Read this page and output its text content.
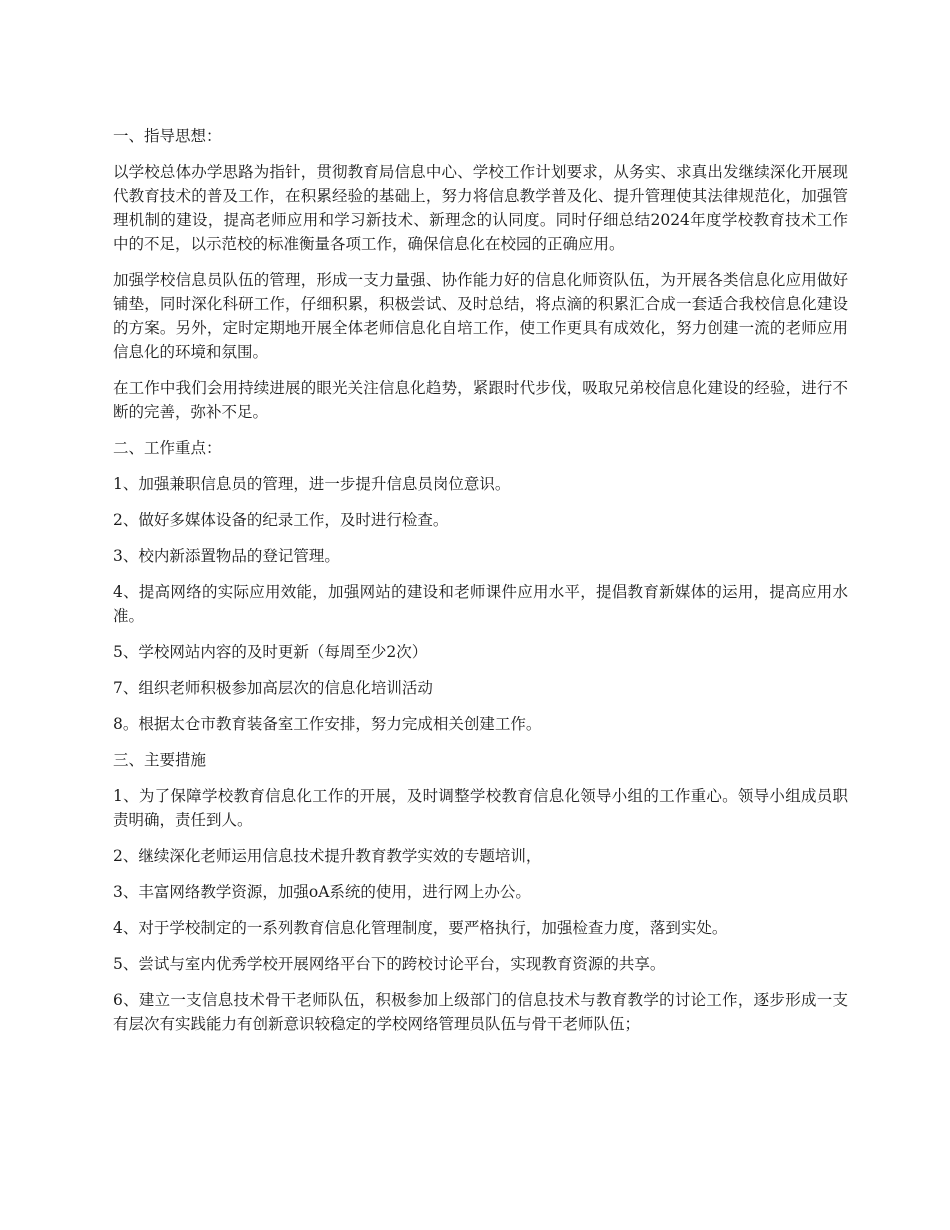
一、指导思想：

以学校总体办学思路为指针，贯彻教育局信息中心、学校工作计划要求，从务实、求真出发继续深化开展现代教育技术的普及工作，在积累经验的基础上，努力将信息教学普及化、提升管理使其法律规范化，加强管理机制的建设，提高老师应用和学习新技术、新理念的认同度。同时仔细总结2024年度学校教育技术工作中的不足，以示范校的标准衡量各项工作，确保信息化在校园的正确应用。

加强学校信息员队伍的管理，形成一支力量强、协作能力好的信息化师资队伍，为开展各类信息化应用做好铺垫，同时深化科研工作，仔细积累，积极尝试、及时总结，将点滴的积累汇合成一套适合我校信息化建设的方案。另外，定时定期地开展全体老师信息化自培工作，使工作更具有成效化，努力创建一流的老师应用信息化的环境和氛围。

在工作中我们会用持续进展的眼光关注信息化趋势，紧跟时代步伐，吸取兄弟校信息化建设的经验，进行不断的完善，弥补不足。

二、工作重点：

1、加强兼职信息员的管理，进一步提升信息员岗位意识。

2、做好多媒体设备的纪录工作，及时进行检查。

3、校内新添置物品的登记管理。

4、提高网络的实际应用效能，加强网站的建设和老师课件应用水平，提倡教育新媒体的运用，提高应用水准。

5、学校网站内容的及时更新（每周至少2次）

7、组织老师积极参加高层次的信息化培训活动

8。根据太仓市教育装备室工作安排，努力完成相关创建工作。

三、主要措施

1、为了保障学校教育信息化工作的开展，及时调整学校教育信息化领导小组的工作重心。领导小组成员职责明确，责任到人。

2、继续深化老师运用信息技术提升教育教学实效的专题培训，

3、丰富网络教学资源，加强oA系统的使用，进行网上办公。

4、对于学校制定的一系列教育信息化管理制度，要严格执行，加强检查力度，落到实处。

5、尝试与室内优秀学校开展网络平台下的跨校讨论平台，实现教育资源的共享。

6、建立一支信息技术骨干老师队伍，积极参加上级部门的信息技术与教育教学的讨论工作，逐步形成一支有层次有实践能力有创新意识较稳定的学校网络管理员队伍与骨干老师队伍；
